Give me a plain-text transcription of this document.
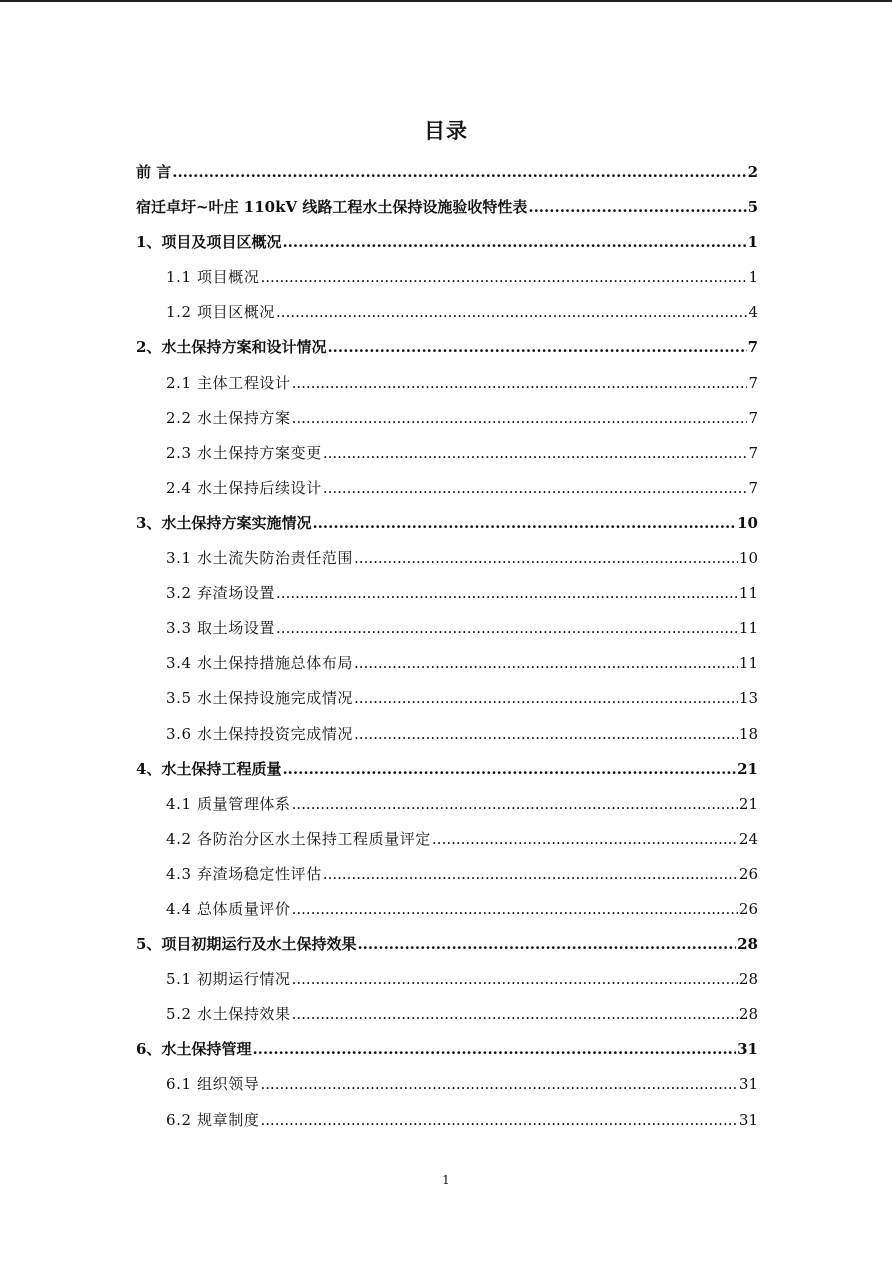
目录
前 言 .....	2
宿迁卓圩~叶庄 110kV 线路工程水土保持设施验收特性表 .....	5
1、项目及项目区概况 .....	1
1.1 项目概况 .....	1
1.2 项目区概况 .....	4
2、水土保持方案和设计情况 .....	7
2.1 主体工程设计 .....	7
2.2 水土保持方案 .....	7
2.3 水土保持方案变更 .....	7
2.4 水土保持后续设计 .....	7
3、水土保持方案实施情况 .....	10
3.1 水土流失防治责任范围 .....	10
3.2 弃渣场设置 .....	11
3.3 取土场设置 .....	11
3.4 水土保持措施总体布局 .....	11
3.5 水土保持设施完成情况 .....	13
3.6 水土保持投资完成情况 .....	18
4、水土保持工程质量 .....	21
4.1 质量管理体系 .....	21
4.2 各防治分区水土保持工程质量评定 .....	24
4.3 弃渣场稳定性评估 .....	26
4.4 总体质量评价 .....	26
5、项目初期运行及水土保持效果 .....	28
5.1 初期运行情况 .....	28
5.2 水土保持效果 .....	28
6、水土保持管理 .....	31
6.1 组织领导 .....	31
6.2 规章制度 .....	31
1
